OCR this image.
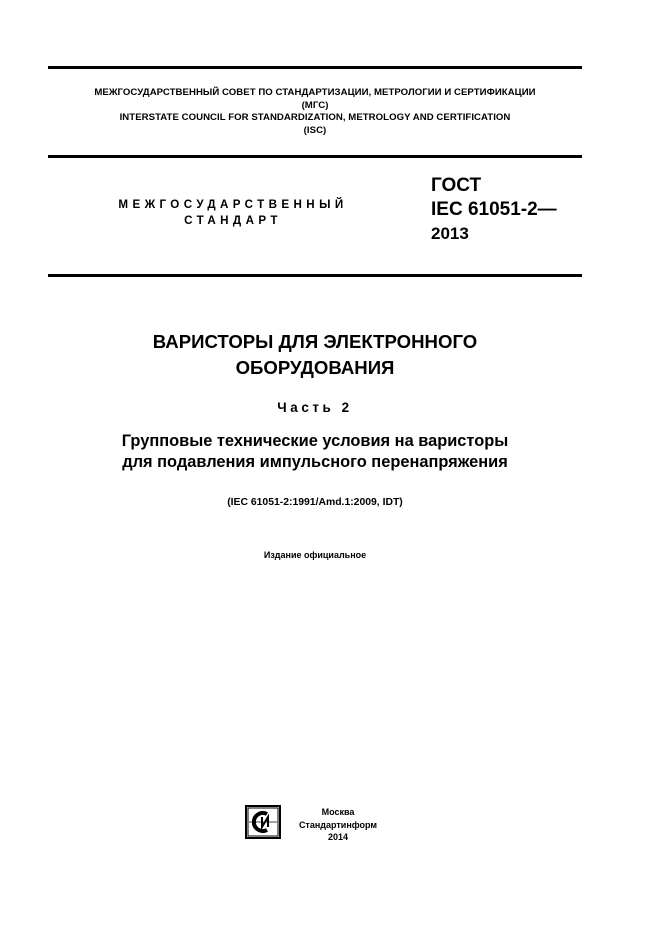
МЕЖГОСУДАРСТВЕННЫЙ СОВЕТ ПО СТАНДАРТИЗАЦИИ, МЕТРОЛОГИИ И СЕРТИФИКАЦИИ
(МГС)
INTERSTATE COUNCIL FOR STANDARDIZATION, METROLOGY AND CERTIFICATION
(ISC)
МЕЖГОСУДАРСТВЕННЫЙ
СТАНДАРТ
ГОСТ
IEC 61051-2—
2013
ВАРИСТОРЫ ДЛЯ ЭЛЕКТРОННОГО
ОБОРУДОВАНИЯ
Часть 2
Групповые технические условия на варисторы
для подавления импульсного перенапряжения
(IEC 61051-2:1991/Amd.1:2009, IDT)
Издание официальное
Москва
Стандартинформ
2014
